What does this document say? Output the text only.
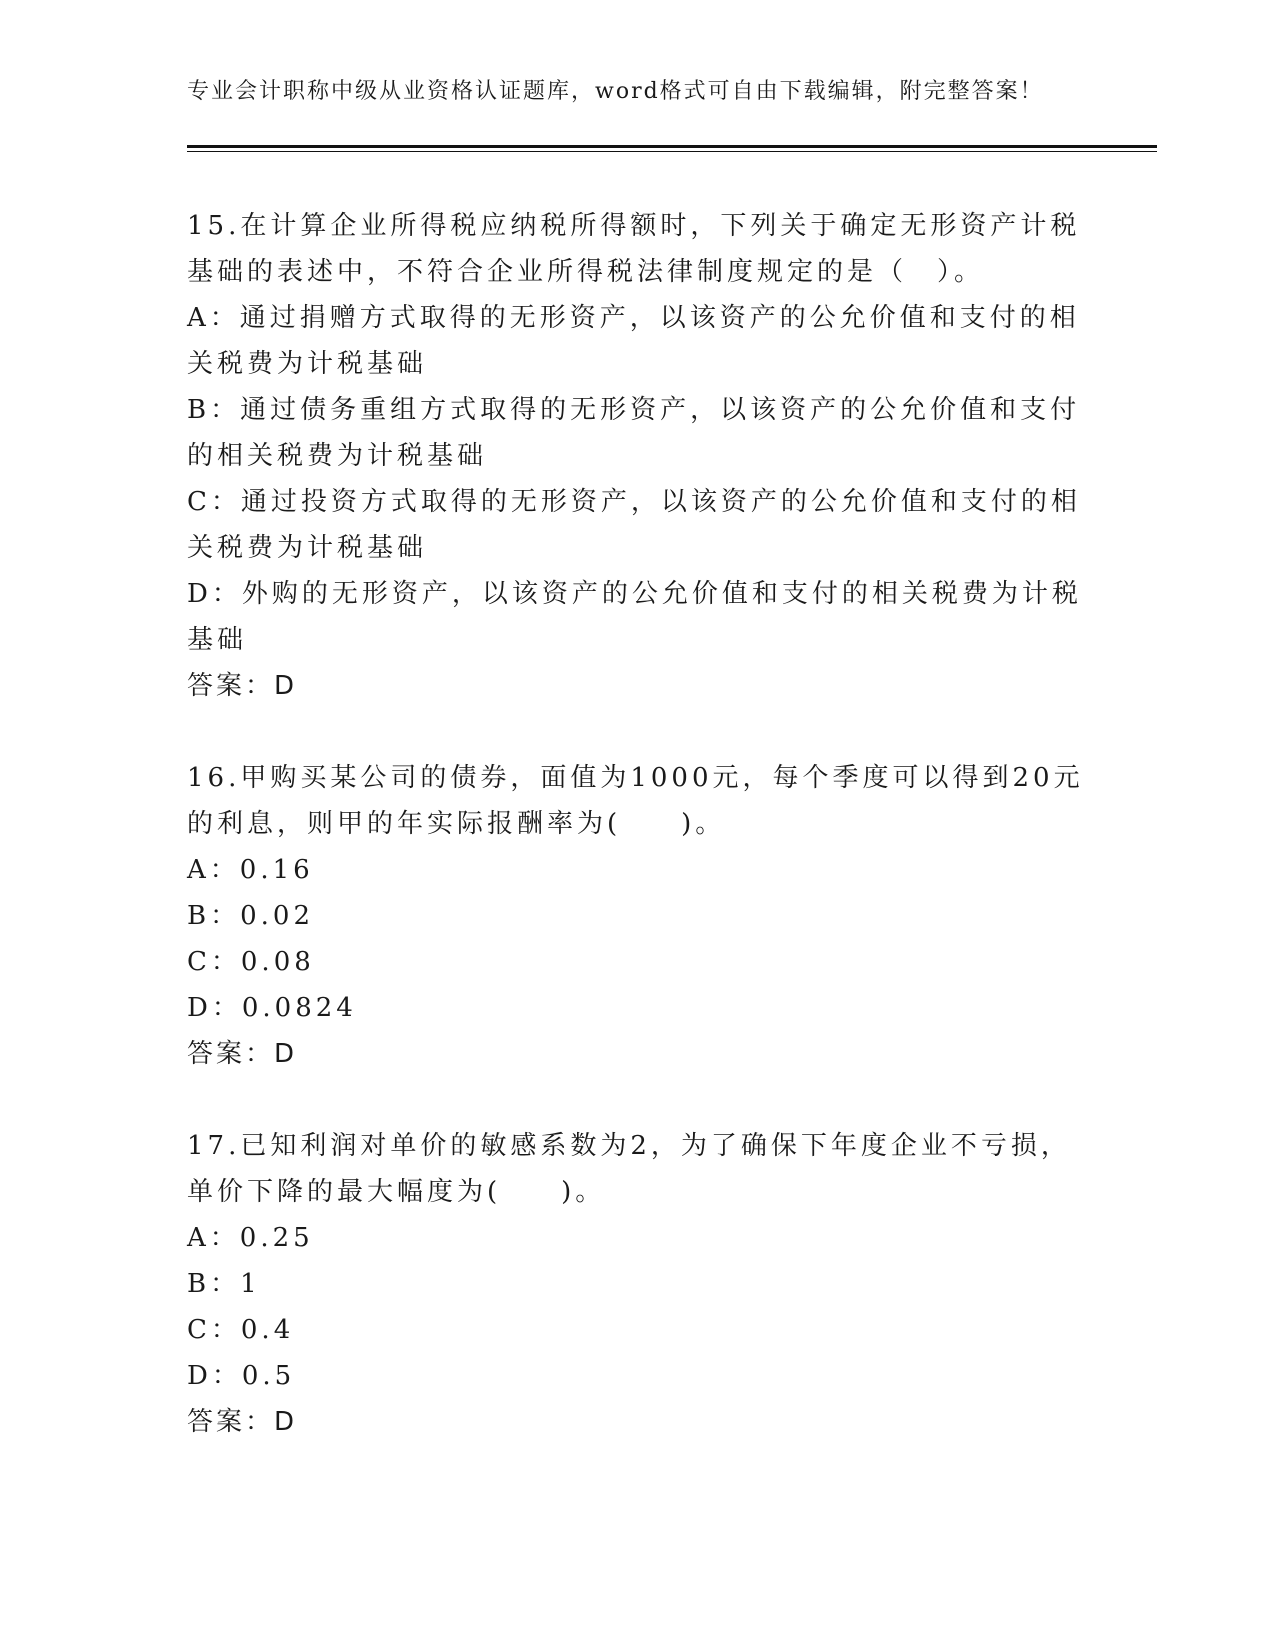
专业会计职称中级从业资格认证题库，word格式可自由下载编辑，附完整答案！

15.在计算企业所得税应纳税所得额时，下列关于确定无形资产计税基础的表述中，不符合企业所得税法律制度规定的是（　）。

A：通过捐赠方式取得的无形资产，以该资产的公允价值和支付的相关税费为计税基础

B：通过债务重组方式取得的无形资产，以该资产的公允价值和支付的相关税费为计税基础

C：通过投资方式取得的无形资产，以该资产的公允价值和支付的相关税费为计税基础

D：外购的无形资产，以该资产的公允价值和支付的相关税费为计税基础

答案：D

16.甲购买某公司的债券，面值为1000元，每个季度可以得到20元的利息，则甲的年实际报酬率为(　　)。

A：0.16

B：0.02

C：0.08

D：0.0824

答案：D

17.已知利润对单价的敏感系数为2，为了确保下年度企业不亏损，单价下降的最大幅度为(　　)。

A：0.25

B：1

C：0.4

D：0.5

答案：D
